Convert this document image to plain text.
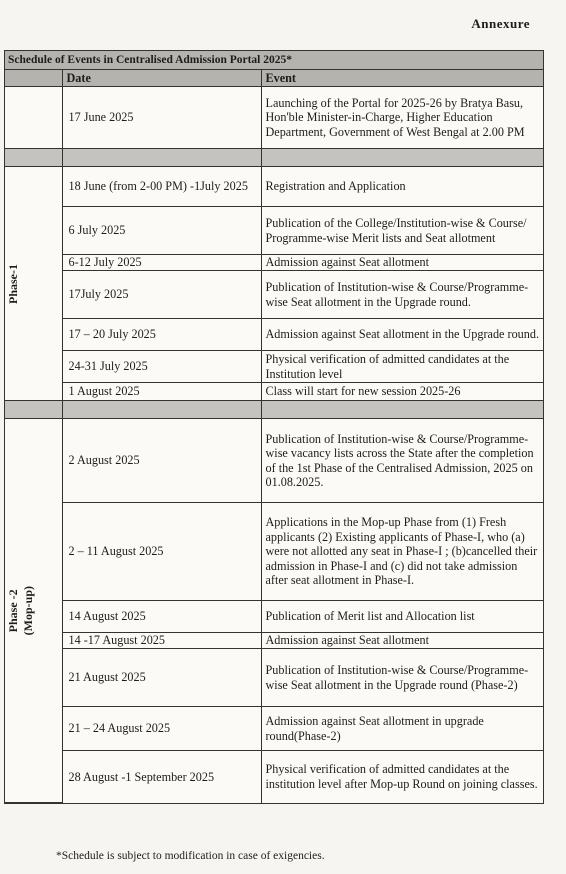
Annexure
Schedule of Events in Centralised Admission Portal 2025*
	Date	Event
	17 June 2025	Launching of the Portal for 2025-26 by Bratya Basu, Hon'ble Minister-in-Charge, Higher Education Department, Government of West Bengal at 2.00 PM

Phase-1	18 June (from 2-00 PM) -1July 2025	Registration and Application
	6 July 2025	Publication of the College/Institution-wise & Course/ Programme-wise Merit lists and Seat allotment
	6-12 July 2025	Admission against Seat allotment
	17July 2025	Publication of Institution-wise & Course/Programme-wise Seat allotment in the Upgrade round.
	17 – 20 July 2025	Admission against Seat allotment in the Upgrade round.
	24-31 July 2025	Physical verification of admitted candidates at the Institution level
	1 August 2025	Class will start for new session 2025-26

Phase -2
(Mop-up)	2 August 2025	Publication of Institution-wise & Course/Programme-wise vacancy lists across the State after the completion of the 1st Phase of the Centralised Admission, 2025 on 01.08.2025.
	2 – 11 August 2025	Applications in the Mop-up Phase from (1) Fresh applicants (2) Existing applicants of Phase-I, who (a) were not allotted any seat in Phase-I ; (b)cancelled their admission in Phase-I and (c) did not take admission after seat allotment in Phase-I.
	14 August 2025	Publication of Merit list and Allocation list
	14 -17 August 2025	Admission against Seat allotment
	21 August 2025	Publication of Institution-wise & Course/Programme- wise Seat allotment in the Upgrade round (Phase-2)
	21 – 24 August 2025	Admission against Seat allotment in upgrade round(Phase-2)
	28 August -1 September 2025	Physical verification of admitted candidates at the institution level after Mop-up Round on joining classes.
*Schedule is subject to modification in case of exigencies.
